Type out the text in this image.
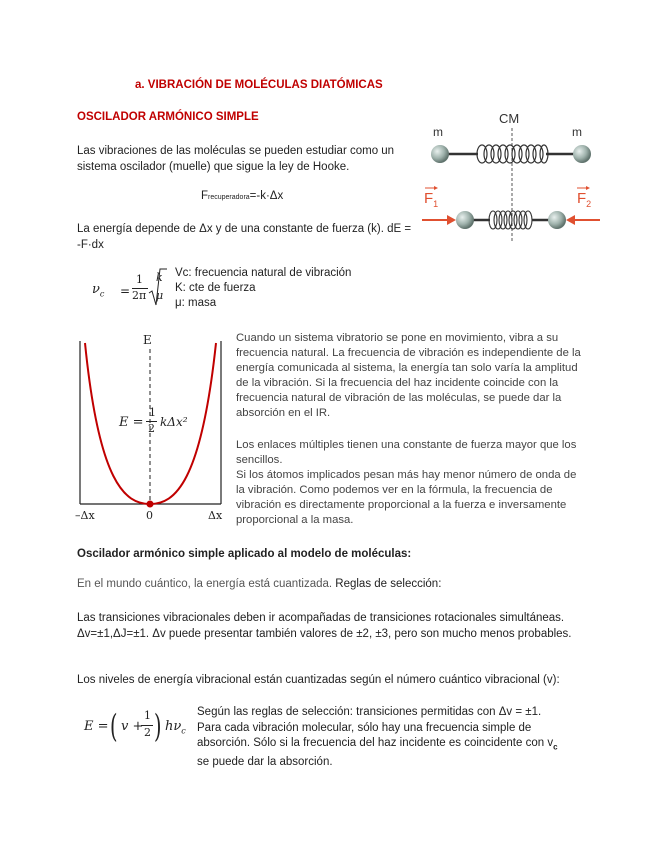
a. VIBRACIÓN DE MOLÉCULAS DIATÓMICAS
OSCILADOR ARMÓNICO SIMPLE
Las vibraciones de las moléculas se pueden estudiar como un sistema oscilador (muelle) que sigue la ley de Hooke.
Frecuperadora=-k·Δx
La energía depende de Δx y de una constante de fuerza (k). dE = -F·dx
$\nu_c$ =
1
2π
k
μ
Vc: frecuencia natural de vibración
K: cte de fuerza
μ: masa
CM
m	m
$F_1$	$F_2$
E
E =
1
2 kΔx²
–Δx	0	Δx
Cuando un sistema vibratorio se pone en movimiento, vibra a su frecuencia natural. La frecuencia de vibración es independiente de la energía comunicada al sistema, la energía tan solo varía la amplitud de la vibración. Si la frecuencia del haz incidente coincide con la frecuencia natural de vibración de las moléculas, se puede dar la absorción en el IR.
Los enlaces múltiples tienen una constante de fuerza mayor que los sencillos.
Si los átomos implicados pesan más hay menor número de onda de la vibración. Como podemos ver en la fórmula, la frecuencia de vibración es directamente proporcional a la fuerza e inversamente proporcional a la masa.
Oscilador armónico simple aplicado al modelo de moléculas:
En el mundo cuántico, la energía está cuantizada. Reglas de selección:
Las transiciones vibracionales deben ir acompañadas de transiciones rotacionales simultáneas. Δv=±1,ΔJ=±1. Δv puede presentar también valores de ±2, ±3, pero son mucho menos probables.
Los niveles de energía vibracional están cuantizadas según el número cuántico vibracional (v):
E = ( v +
1
2 ) $h\nu_c$
Según las reglas de selección: transiciones permitidas con Δv = ±1.
Para cada vibración molecular, sólo hay una frecuencia simple de absorción. Sólo si la frecuencia del haz incidente es coincidente con $v_c$
se puede dar la absorción.
